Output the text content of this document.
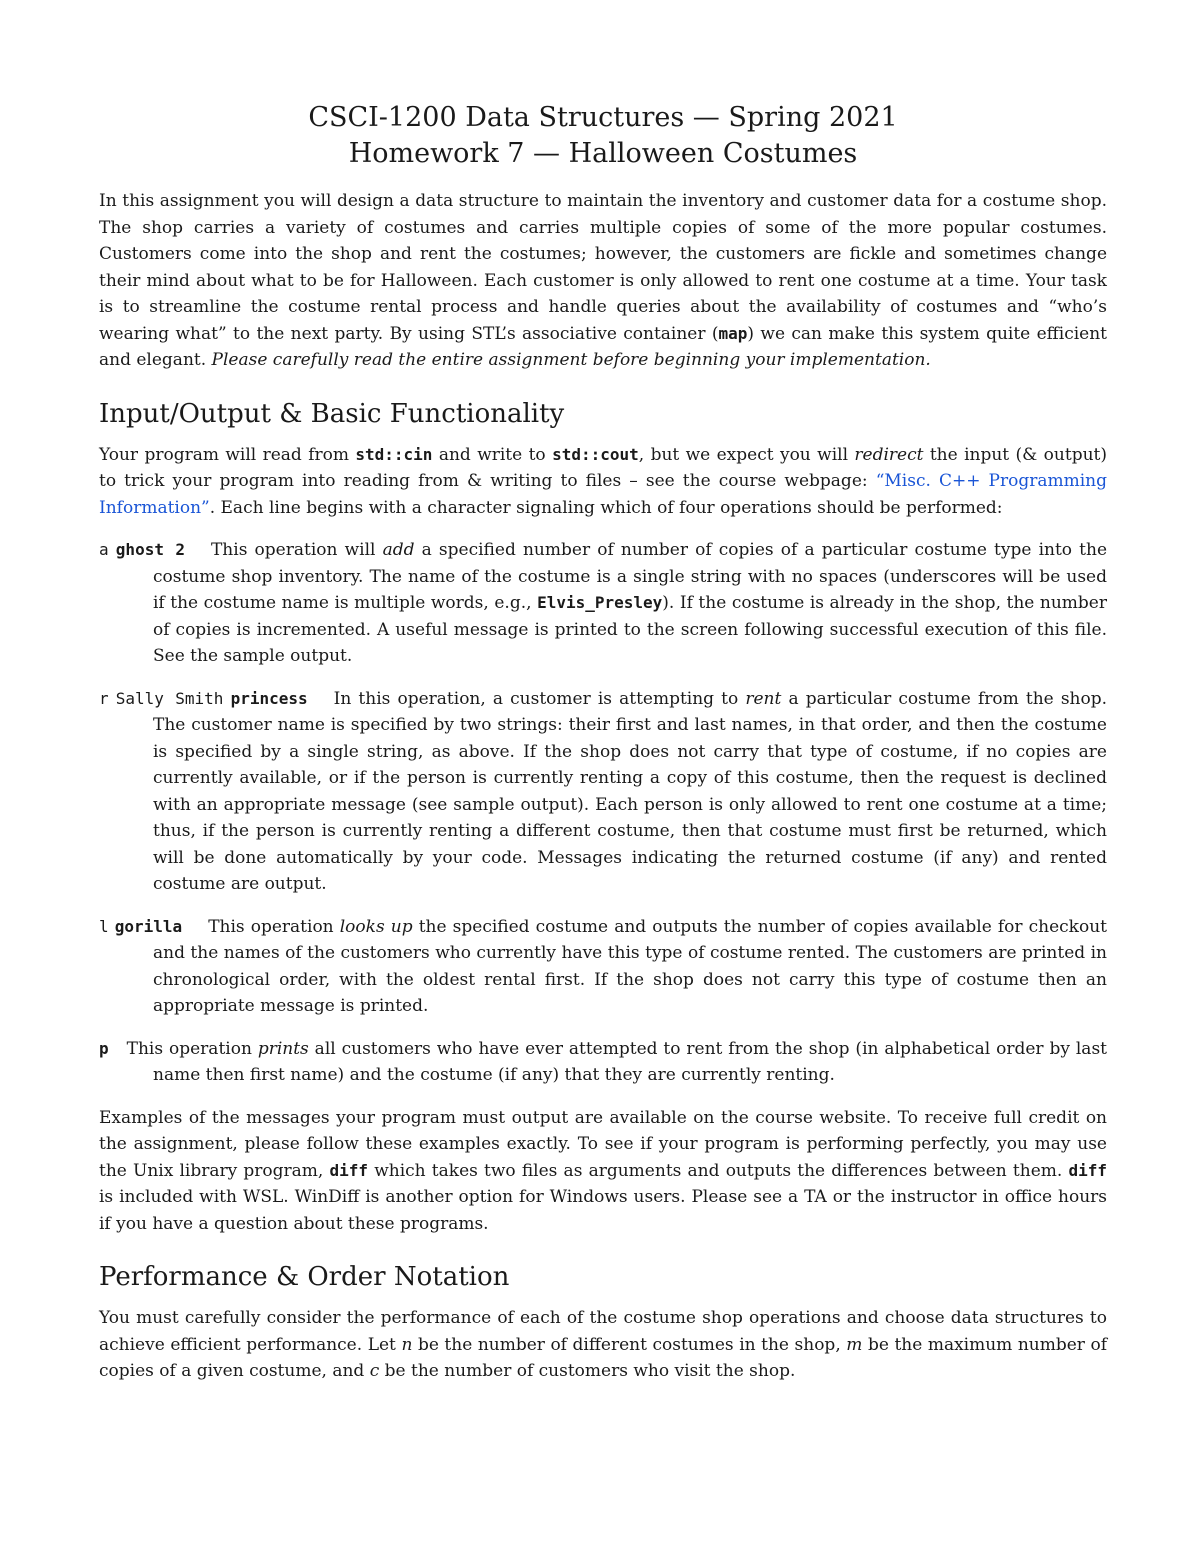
CSCI-1200 Data Structures — Spring 2021
Homework 7 — Halloween Costumes

In this assignment you will design a data structure to maintain the inventory and customer data for a costume shop. The shop carries a variety of costumes and carries multiple copies of some of the more popular costumes. Customers come into the shop and rent the costumes; however, the customers are fickle and sometimes change their mind about what to be for Halloween. Each customer is only allowed to rent one costume at a time. Your task is to streamline the costume rental process and handle queries about the availability of costumes and “who’s wearing what” to the next party. By using STL’s associative container (map) we can make this system quite efficient and elegant. Please carefully read the entire assignment before beginning your implementation.

Input/Output & Basic Functionality

Your program will read from std::cin and write to std::cout, but we expect you will redirect the input (& output) to trick your program into reading from & writing to files – see the course webpage: “Misc. C++ Programming Information”. Each line begins with a character signaling which of four operations should be performed:

a ghost 2 This operation will add a specified number of number of copies of a particular costume type into the costume shop inventory. The name of the costume is a single string with no spaces (underscores will be used if the costume name is multiple words, e.g., Elvis_Presley). If the costume is already in the shop, the number of copies is incremented. A useful message is printed to the screen following successful execution of this file. See the sample output.
r Sally Smith princess In this operation, a customer is attempting to rent a particular costume from the shop. The customer name is specified by two strings: their first and last names, in that order, and then the costume is specified by a single string, as above. If the shop does not carry that type of costume, if no copies are currently available, or if the person is currently renting a copy of this costume, then the request is declined with an appropriate message (see sample output). Each person is only allowed to rent one costume at a time; thus, if the person is currently renting a different costume, then that costume must first be returned, which will be done automatically by your code. Messages indicating the returned costume (if any) and rented costume are output.
l gorilla This operation looks up the specified costume and outputs the number of copies available for checkout and the names of the customers who currently have this type of costume rented. The customers are printed in chronological order, with the oldest rental first. If the shop does not carry this type of costume then an appropriate message is printed.
p This operation prints all customers who have ever attempted to rent from the shop (in alphabetical order by last name then first name) and the costume (if any) that they are currently renting.

Examples of the messages your program must output are available on the course website. To receive full credit on the assignment, please follow these examples exactly. To see if your program is performing perfectly, you may use the Unix library program, diff which takes two files as arguments and outputs the differences between them. diff is included with WSL. WinDiff is another option for Windows users. Please see a TA or the instructor in office hours if you have a question about these programs.

Performance & Order Notation

You must carefully consider the performance of each of the costume shop operations and choose data structures to achieve efficient performance. Let n be the number of different costumes in the shop, m be the maximum number of copies of a given costume, and c be the number of customers who visit the shop.
